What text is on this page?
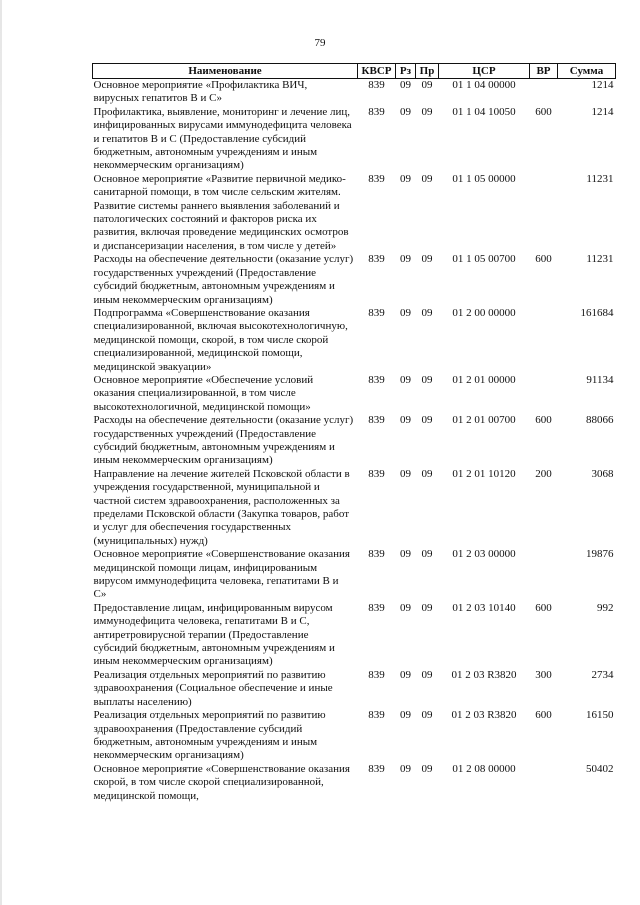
79
Наименование	КВСР	Рз	Пр	ЦСР	ВР	Сумма
Основное мероприятие «Профилактика ВИЧ, вирусных гепатитов В и С»	839	09	09	01 1 04 00000		1214
Профилактика, выявление, мониторинг и лечение лиц, инфицированных вирусами иммунодефицита человека и гепатитов В и С (Предоставление субсидий бюджетным, автономным учреждениям и иным некоммерческим организациям)	839	09	09	01 1 04 10050	600	1214
Основное мероприятие «Развитие первичной медико-санитарной помощи, в том числе сельским жителям. Развитие системы раннего выявления заболеваний и патологических состояний и факторов риска их развития, включая проведение медицинских осмотров и диспансеризации населения, в том числе у детей»	839	09	09	01 1 05 00000		11231
Расходы на обеспечение деятельности (оказание услуг) государственных учреждений (Предоставление субсидий бюджетным, автономным учреждениям и иным некоммерческим организациям)	839	09	09	01 1 05 00700	600	11231
Подпрограмма «Совершенствование оказания специализированной, включая высокотехнологичную, медицинской помощи, скорой, в том числе скорой специализированной, медицинской помощи, медицинской эвакуации»	839	09	09	01 2 00 00000		161684
Основное мероприятие «Обеспечение условий оказания специализированной, в том числе высокотехнологичной, медицинской помощи»	839	09	09	01 2 01 00000		91134
Расходы на обеспечение деятельности (оказание услуг) государственных учреждений (Предоставление субсидий бюджетным, автономным учреждениям и иным некоммерческим организациям)	839	09	09	01 2 01 00700	600	88066
Направление на лечение жителей Псковской области в учреждения государственной, муниципальной и частной систем здравоохранения, расположенных за пределами Псковской области (Закупка товаров, работ и услуг для обеспечения государственных (муниципальных) нужд)	839	09	09	01 2 01 10120	200	3068
Основное мероприятие «Совершенствование оказания медицинской помощи лицам, инфицированиым вирусом иммунодефицита человека, гепатитами В и С»	839	09	09	01 2 03 00000		19876
Предоставление лицам, инфицированным вирусом иммунодефицита человека, гепатитами В и С, антиретровирусной терапии (Предоставление субсидий бюджетным, автономным учреждениям и иным некоммерческим организациям)	839	09	09	01 2 03 10140	600	992
Реализация отдельных мероприятий по развитию здравоохранения (Социальное обеспечение и иные выплаты населению)	839	09	09	01 2 03 R3820	300	2734
Реализация отдельных мероприятий по развитию здравоохранения (Предоставление субсидий бюджетным, автономным учреждениям и иным некоммерческим организациям)	839	09	09	01 2 03 R3820	600	16150
Основное мероприятие «Совершенствование оказания скорой, в том числе скорой специализированной, медицинской помощи,	839	09	09	01 2 08 00000		50402
